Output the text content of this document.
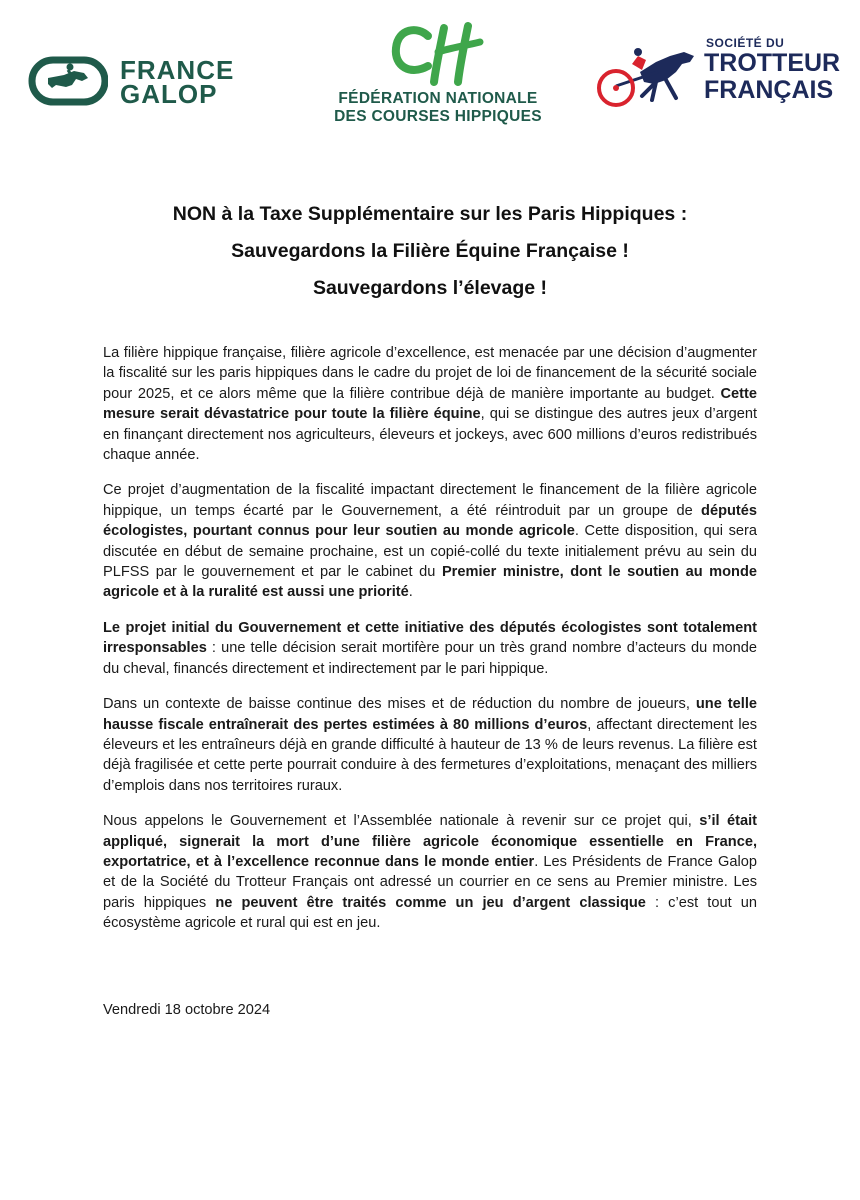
FRANCE
GALOP	FÉDÉRATION NATIONALE
DES COURSES HIPPIQUES
SOCIÉTÉ DU
TROTTEUR
FRANÇAIS
NON à la Taxe Supplémentaire sur les Paris Hippiques :
Sauvegardons la Filière Équine Française !
Sauvegardons l’élevage !

La filière hippique française, filière agricole d’excellence, est menacée par une décision d’augmenter la fiscalité sur les paris hippiques dans le cadre du projet de loi de financement de la sécurité sociale pour 2025, et ce alors même que la filière contribue déjà de manière importante au budget. Cette mesure serait dévastatrice pour toute la filière équine, qui se distingue des autres jeux d’argent en finançant directement nos agriculteurs, éleveurs et jockeys, avec 600 millions d’euros redistribués chaque année.

Ce projet d’augmentation de la fiscalité impactant directement le financement de la filière agricole hippique, un temps écarté par le Gouvernement, a été réintroduit par un groupe de députés écologistes, pourtant connus pour leur soutien au monde agricole. Cette disposition, qui sera discutée en début de semaine prochaine, est un copié-collé du texte initialement prévu au sein du PLFSS par le gouvernement et par le cabinet du Premier ministre, dont le soutien au monde agricole et à la ruralité est aussi une priorité.

Le projet initial du Gouvernement et cette initiative des députés écologistes sont totalement irresponsables : une telle décision serait mortifère pour un très grand nombre d’acteurs du monde du cheval, financés directement et indirectement par le pari hippique.

Dans un contexte de baisse continue des mises et de réduction du nombre de joueurs, une telle hausse fiscale entraînerait des pertes estimées à 80 millions d’euros, affectant directement les éleveurs et les entraîneurs déjà en grande difficulté à hauteur de 13 % de leurs revenus. La filière est déjà fragilisée et cette perte pourrait conduire à des fermetures d’exploitations, menaçant des milliers d’emplois dans nos territoires ruraux.

Nous appelons le Gouvernement et l’Assemblée nationale à revenir sur ce projet qui, s’il était appliqué, signerait la mort d’une filière agricole économique essentielle en France, exportatrice, et à l’excellence reconnue dans le monde entier. Les Présidents de France Galop et de la Société du Trotteur Français ont adressé un courrier en ce sens au Premier ministre. Les paris hippiques ne peuvent être traités comme un jeu d’argent classique : c’est tout un écosystème agricole et rural qui est en jeu.

Vendredi 18 octobre 2024
